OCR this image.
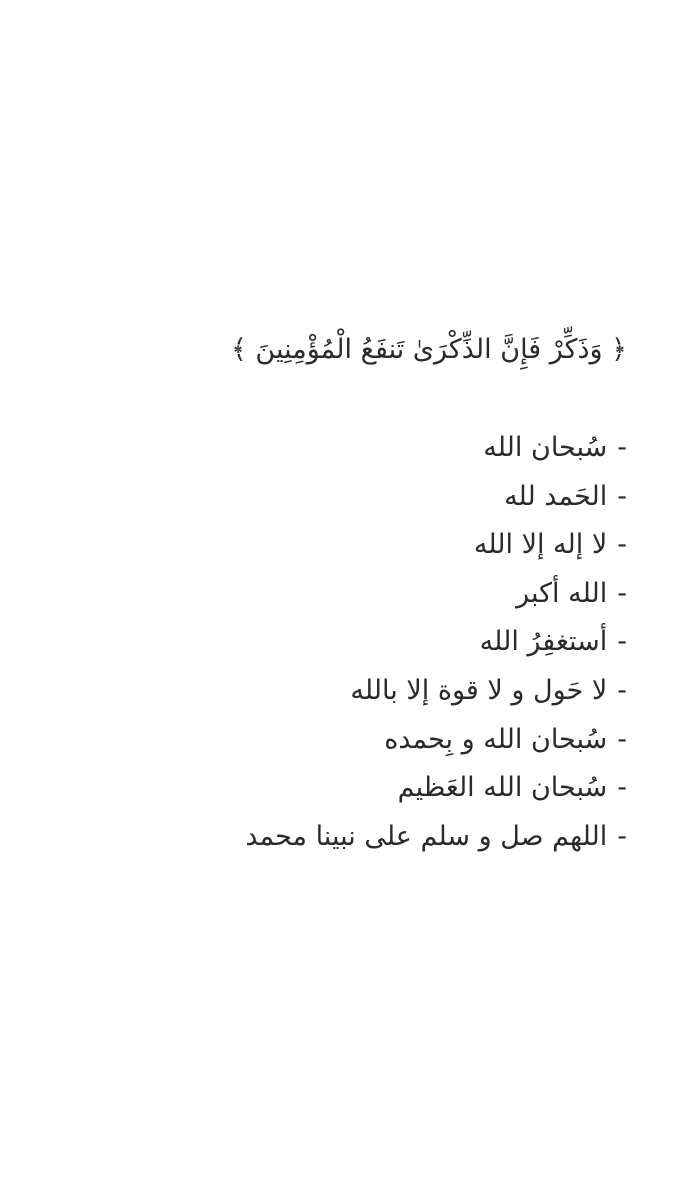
﴿ وَذَكِّرْ فَإِنَّ الذِّكْرَىٰ تَنفَعُ الْمُؤْمِنِينَ ﴾
-سُبحان الله
-الحَمد لله
-لا إله إلا الله
-الله أكبر
-أستغفِرُ الله
-لا حَول و لا قوة إلا بالله
-سُبحان الله و بِحمده
-سُبحان الله العَظيم
-اللهم صل و سلم على نبينا محمد
